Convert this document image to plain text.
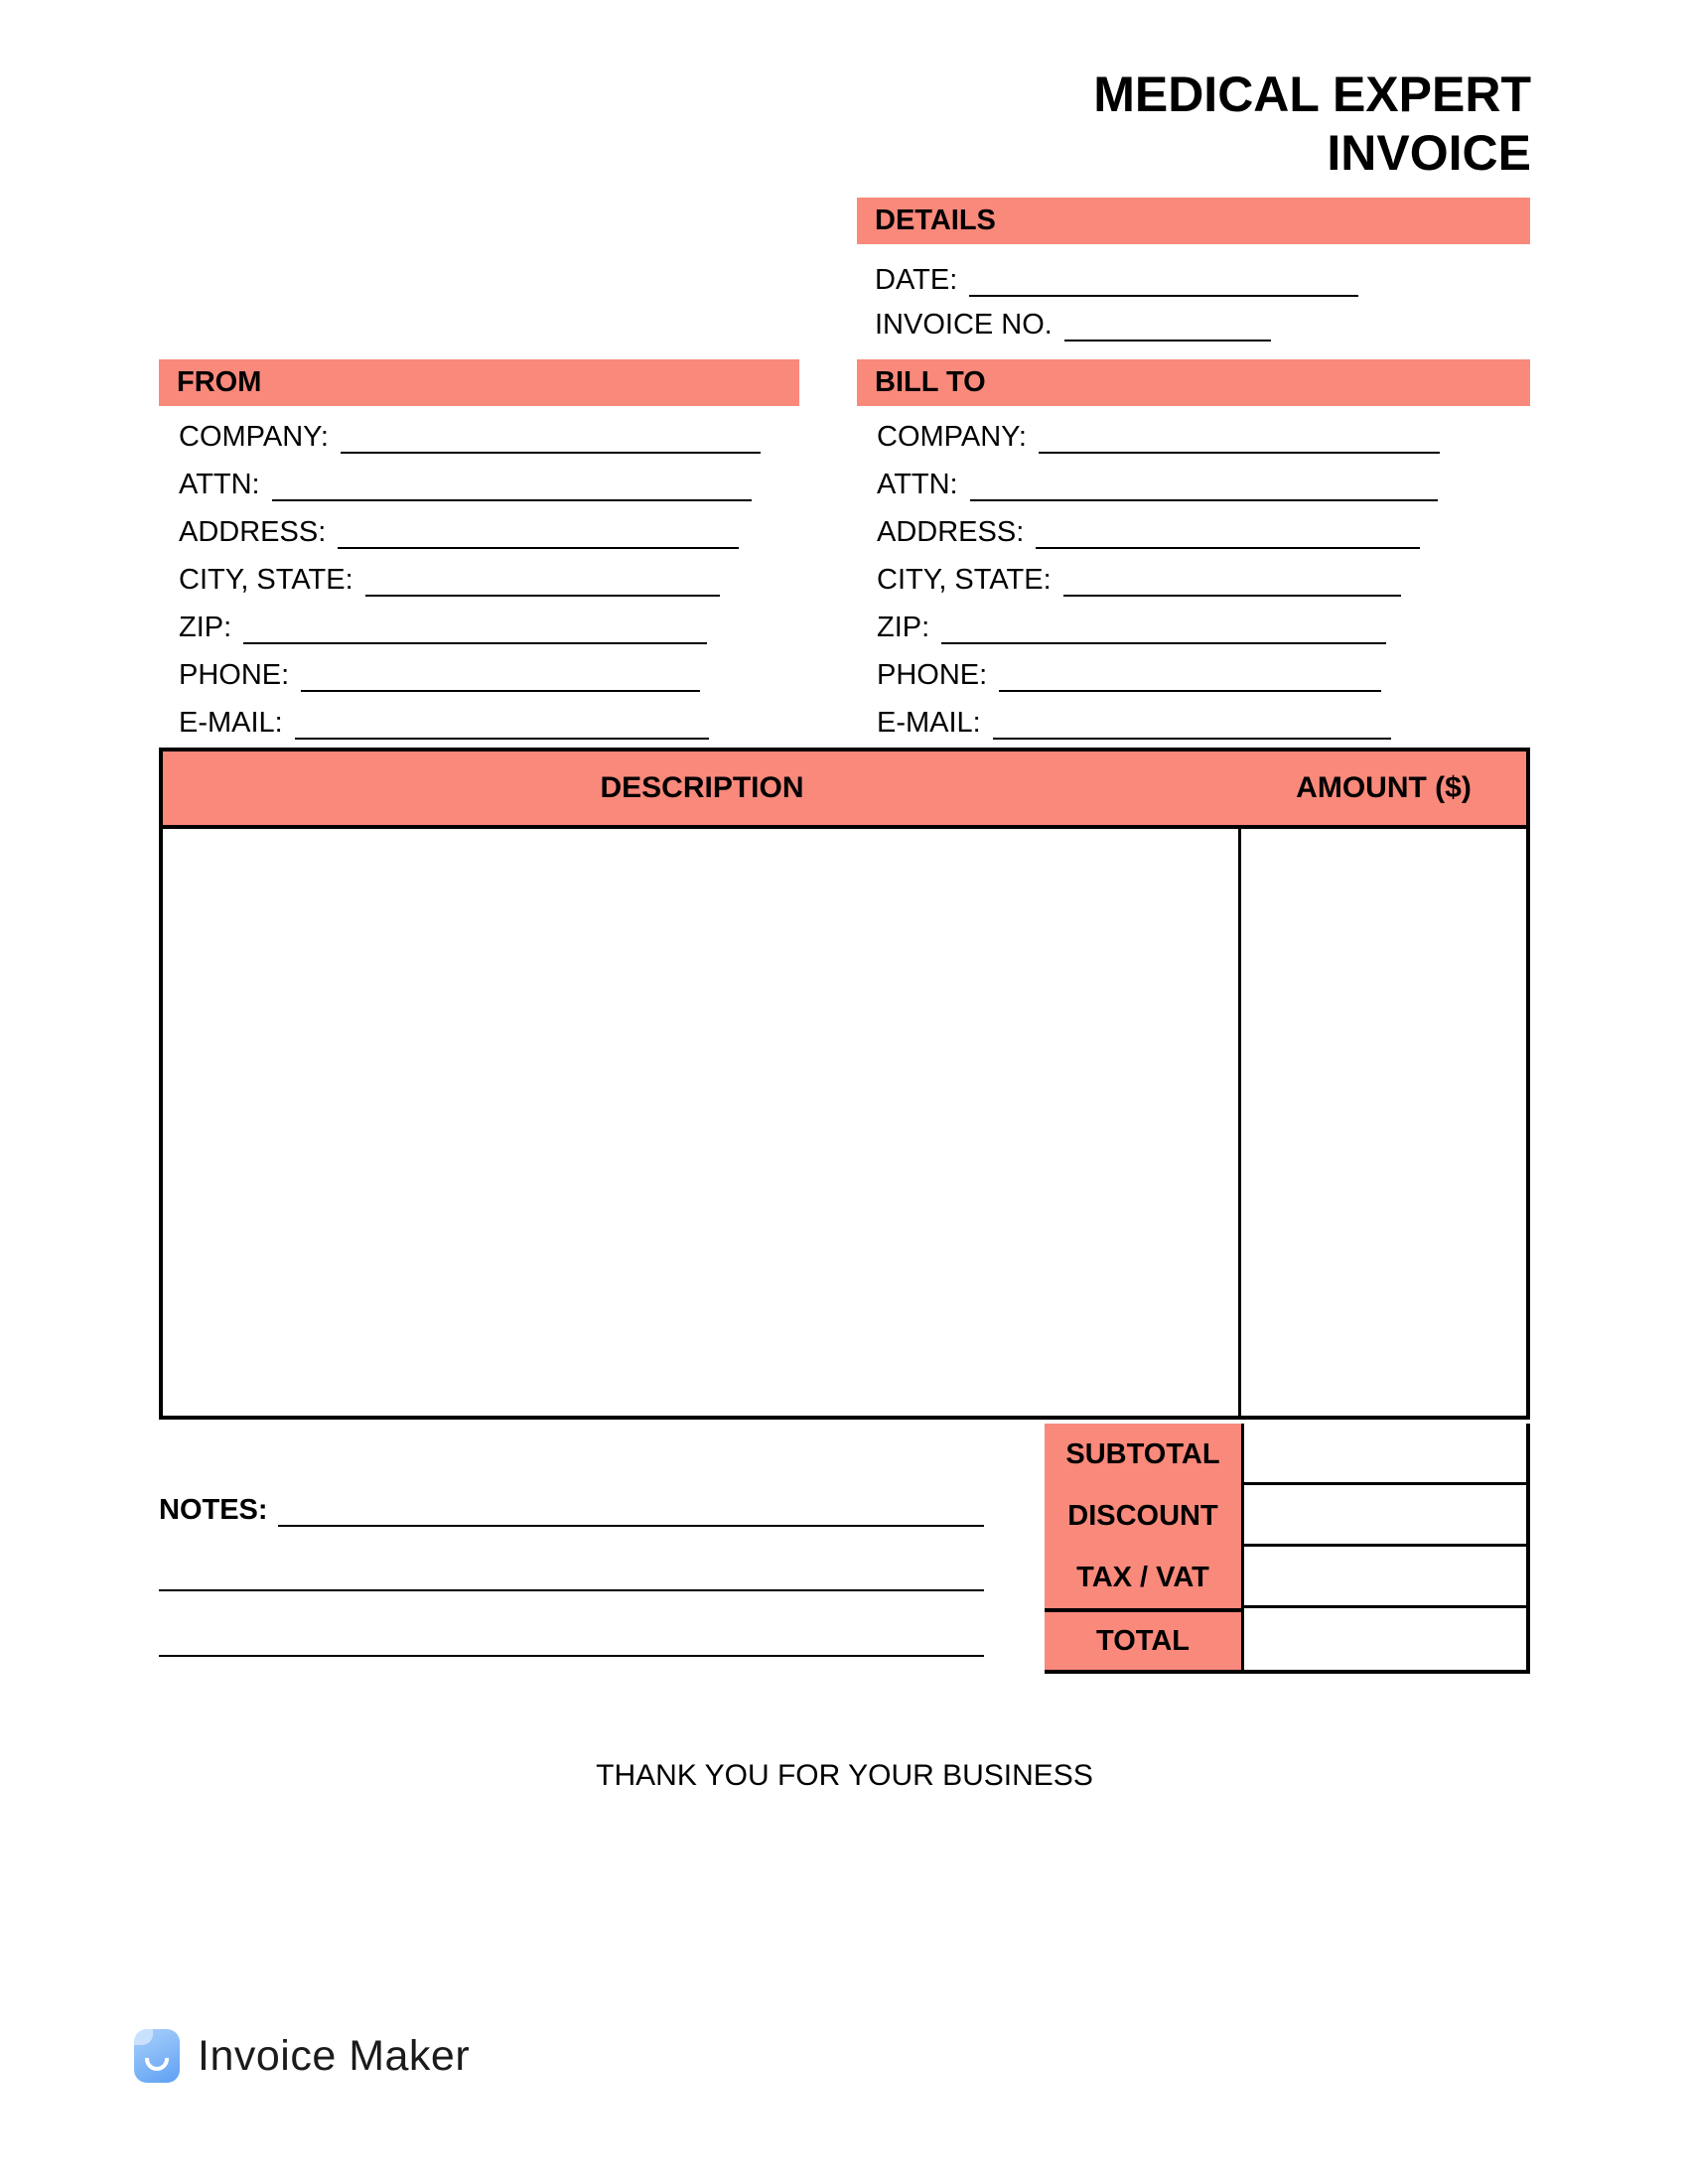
MEDICAL EXPERT
INVOICE
DETAILS
DATE:
INVOICE NO.
FROM
COMPANY:
ATTN:
ADDRESS:
CITY, STATE:
ZIP:
PHONE:
E-MAIL:
BILL TO
COMPANY:
ATTN:
ADDRESS:
CITY, STATE:
ZIP:
PHONE:
E-MAIL:
DESCRIPTION	AMOUNT ($)
SUBTOTAL
DISCOUNT
TAX / VAT
TOTAL
NOTES:
THANK YOU FOR YOUR BUSINESS
Invoice Maker
